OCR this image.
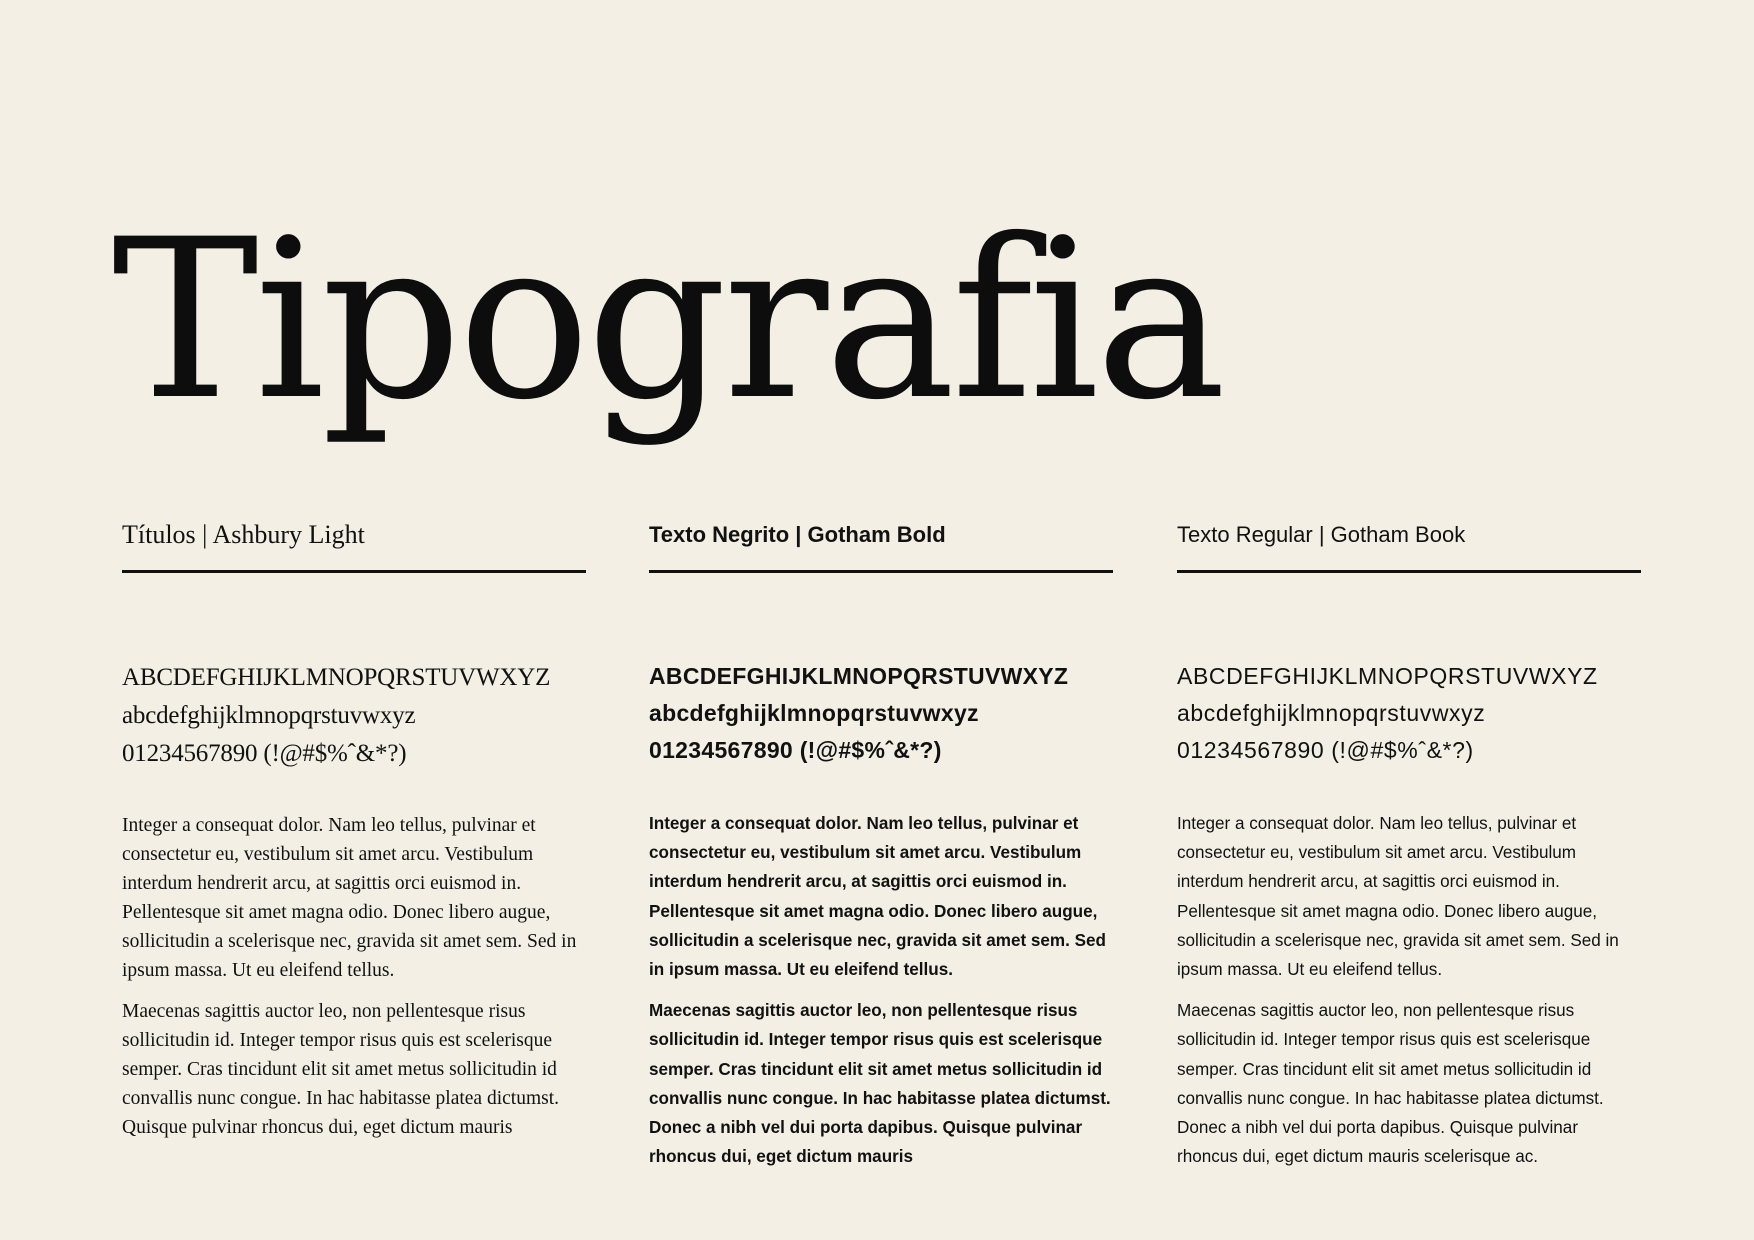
Tipografia
Títulos | Ashbury Light
ABCDEFGHIJKLMNOPQRSTUVWXYZ
abcdefghijklmnopqrstuvwxyz
01234567890 (!@#$%ˆ&*?)

Integer a consequat dolor. Nam leo tellus, pulvinar et consectetur eu, vestibulum sit amet arcu. Vestibulum interdum hendrerit arcu, at sagittis orci euismod in. Pellentesque sit amet magna odio. Donec libero augue, sollicitudin a scelerisque nec, gravida sit amet sem. Sed in ipsum massa. Ut eu eleifend tellus.

Maecenas sagittis auctor leo, non pellentesque risus sollicitudin id. Integer tempor risus quis est scelerisque semper. Cras tincidunt elit sit amet metus sollicitudin id convallis nunc congue. In hac habitasse platea dictumst. Quisque pulvinar rhoncus dui, eget dictum mauris

Texto Negrito | Gotham Bold
ABCDEFGHIJKLMNOPQRSTUVWXYZ
abcdefghijklmnopqrstuvwxyz
01234567890 (!@#$%ˆ&*?)

Integer a consequat dolor. Nam leo tellus, pulvinar et consectetur eu, vestibulum sit amet arcu. Vestibulum interdum hendrerit arcu, at sagittis orci euismod in. Pellentesque sit amet magna odio. Donec libero augue, sollicitudin a scelerisque nec, gravida sit amet sem. Sed in ipsum massa. Ut eu eleifend tellus.

Maecenas sagittis auctor leo, non pellentesque risus sollicitudin id. Integer tempor risus quis est scelerisque semper. Cras tincidunt elit sit amet metus sollicitudin id convallis nunc congue. In hac habitasse platea dictumst. Donec a nibh vel dui porta dapibus. Quisque pulvinar rhoncus dui, eget dictum mauris

Texto Regular | Gotham Book
ABCDEFGHIJKLMNOPQRSTUVWXYZ
abcdefghijklmnopqrstuvwxyz
01234567890 (!@#$%ˆ&*?)

Integer a consequat dolor. Nam leo tellus, pulvinar et consectetur eu, vestibulum sit amet arcu. Vestibulum interdum hendrerit arcu, at sagittis orci euismod in. Pellentesque sit amet magna odio. Donec libero augue, sollicitudin a scelerisque nec, gravida sit amet sem. Sed in ipsum massa. Ut eu eleifend tellus.

Maecenas sagittis auctor leo, non pellentesque risus sollicitudin id. Integer tempor risus quis est scelerisque semper. Cras tincidunt elit sit amet metus sollicitudin id convallis nunc congue. In hac habitasse platea dictumst. Donec a nibh vel dui porta dapibus. Quisque pulvinar rhoncus dui, eget dictum mauris scelerisque ac.
